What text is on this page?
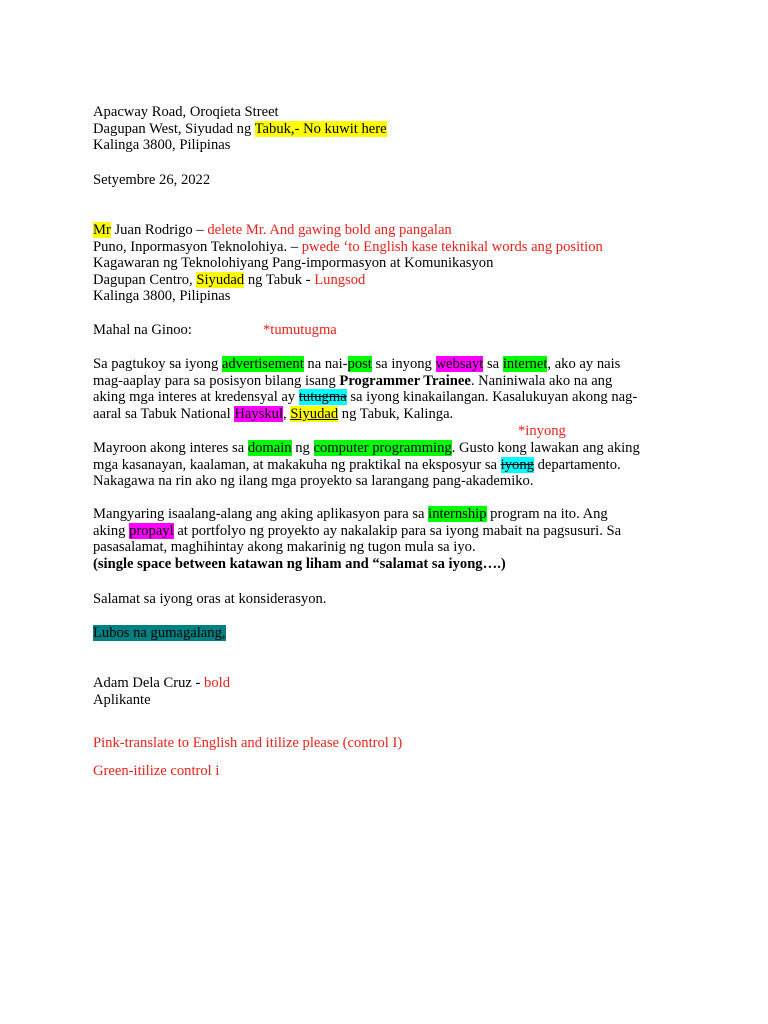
Apacway Road, Oroqieta Street
Dagupan West, Siyudad ng Tabuk,- No kuwit here
Kalinga 3800, Pilipinas
Setyembre 26, 2022
Mr Juan Rodrigo – delete Mr. And gawing bold ang pangalan
Puno, Inpormasyon Teknolohiya. – pwede ‘to English kase teknikal words ang position
Kagawaran ng Teknolohiyang Pang-impormasyon at Komunikasyon
Dagupan Centro, Siyudad ng Tabuk - Lungsod
Kalinga 3800, Pilipinas
Mahal na Ginoo:	*tumutugma
Sa pagtukoy sa iyong advertisement na nai-post sa inyong websayt sa internet, ako ay nais
mag-aaplay para sa posisyon bilang isang Programmer Trainee. Naniniwala ako na ang
aking mga interes at kredensyal ay tutugma sa iyong kinakailangan. Kasalukuyan akong nag-
aaral sa Tabuk National Hayskul, Siyudad ng Tabuk, Kalinga.
*inyong
Mayroon akong interes sa domain ng computer programming. Gusto kong lawakan ang aking
mga kasanayan, kaalaman, at makakuha ng praktikal na eksposyur sa iyong departamento.
Nakagawa na rin ako ng ilang mga proyekto sa larangang pang-akademiko.
Mangyaring isaalang-alang ang aking aplikasyon para sa internship program na ito. Ang
aking propayl at portfolyo ng proyekto ay nakalakip para sa iyong mabait na pagsusuri. Sa
pasasalamat, maghihintay akong makarinig ng tugon mula sa iyo.
(single space between katawan ng liham and “salamat sa iyong….)
Salamat sa iyong oras at konsiderasyon.
Lubos na gumagalang,
Adam Dela Cruz - bold
Aplikante
Pink-translate to English and itilize please (control I)
Green-itilize control i
